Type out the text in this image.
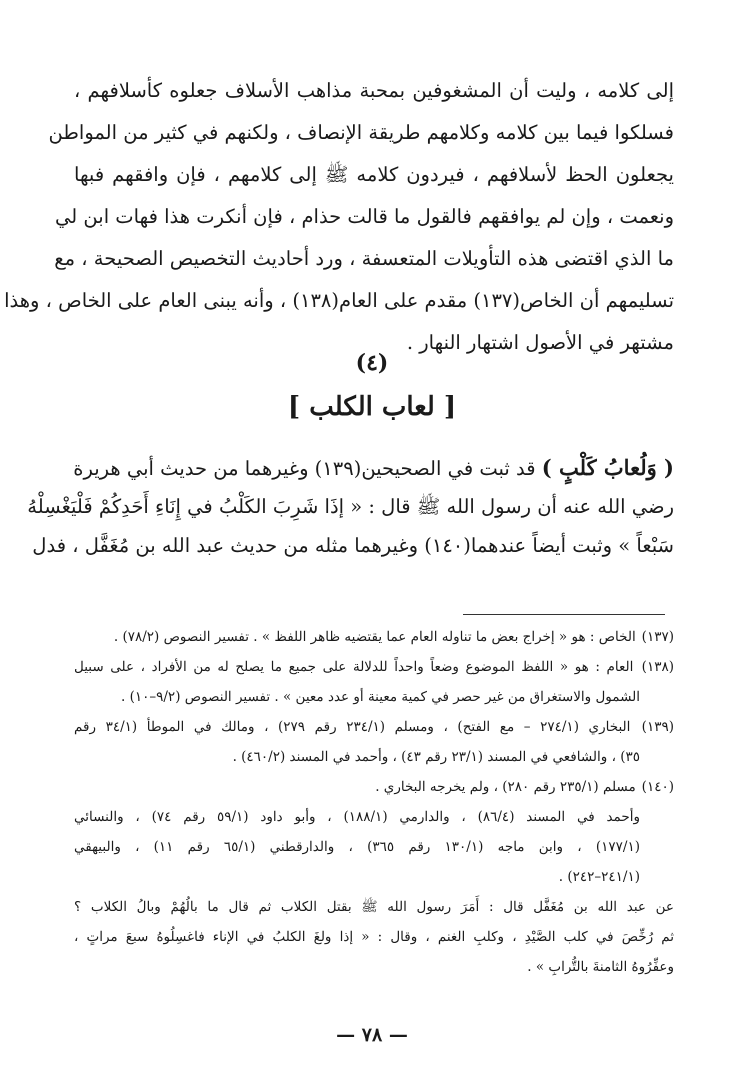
إلى كلامه ، وليت أن المشغوفين بمحبة مذاهب الأسلاف جعلوه كأسلافهم ،
فسلكوا فيما بين كلامه وكلامهم طريقة الإنصاف ، ولكنهم في كثير من المواطن
يجعلون الحظ لأسلافهم ، فيردون كلامه ﷺ إلى كلامهم ، فإن وافقهم فبها
ونعمت ، وإن لم يوافقهم فالقول ما قالت حذام ، فإن أنكرت هذا فهات ابن لي
ما الذي اقتضى هذه التأويلات المتعسفة ، ورد أحاديث التخصيص الصحيحة ، مع
تسليمهم أن الخاص(١٣٧) مقدم على العام(١٣٨) ، وأنه يبنى العام على الخاص ، وهذا
مشتهر في الأصول اشتهار النهار .

(٤)
[ لعاب الكلب ]

( وَلُعابُ كَلْبٍ ) قد ثبت في الصحيحين(١٣٩) وغيرهما من حديث أبي هريرة
رضي الله عنه أن رسول الله ﷺ قال : « إذَا شَرِبَ الكَلْبُ في إِنَاءِ أَحَدِكُمْ فَلْيَغْسِلْهُ
سَبْعاً » وثبت أيضاً عندهما(١٤٠) وغيرهما مثله من حديث عبد الله بن مُغَفَّل ، فدل

(١٣٧) الخاص : هو « إخراج بعض ما تناوله العام عما يقتضيه ظاهر اللفظ » . تفسير النصوص (٧٨/٢) .
(١٣٨) العام : هو « اللفظ الموضوع وضعاً واحداً للدلالة على جميع ما يصلح له من الأفراد ، على سبيل
الشمول والاستغراق من غير حصر في كمية معينة أو عدد معين » . تفسير النصوص (٩/٢–١٠) .
(١٣٩) البخاري (٢٧٤/١ – مع الفتح) ، ومسلم (٢٣٤/١ رقم ٢٧٩) ، ومالك في الموطأ (٣٤/١ رقم
٣٥) ، والشافعي في المسند (٢٣/١ رقم ٤٣) ، وأحمد في المسند (٤٦٠/٢) .
(١٤٠) مسلم (٢٣٥/١ رقم ٢٨٠) ، ولم يخرجه البخاري .
وأحمد في المسند (٨٦/٤) ، والدارمي (١٨٨/١) ، وأبو داود (٥٩/١ رقم ٧٤) ، والنسائي
(١٧٧/١) ، وابن ماجه (١٣٠/١ رقم ٣٦٥) ، والدارقطني (٦٥/١ رقم ١١) ، والبيهقي
(٢٤١/١–٢٤٢) .
عن عبد الله بن مُغَفَّل قال : أَمَرَ رسول الله ﷺ بقتل الكلاب ثم قال ما بالُهُمْ وبالُ الكلاب ؟
ثم رُخِّصَ في كلب الصَّيْدِ ، وكلبِ الغنم ، وقال : « إذا ولغَ الكلبُ في الإناء فاغسِلُوهُ سبعَ مراتٍ ،
وعفِّرُوهُ الثامنةَ بالتُّرابِ » .
— ٧٨ —
